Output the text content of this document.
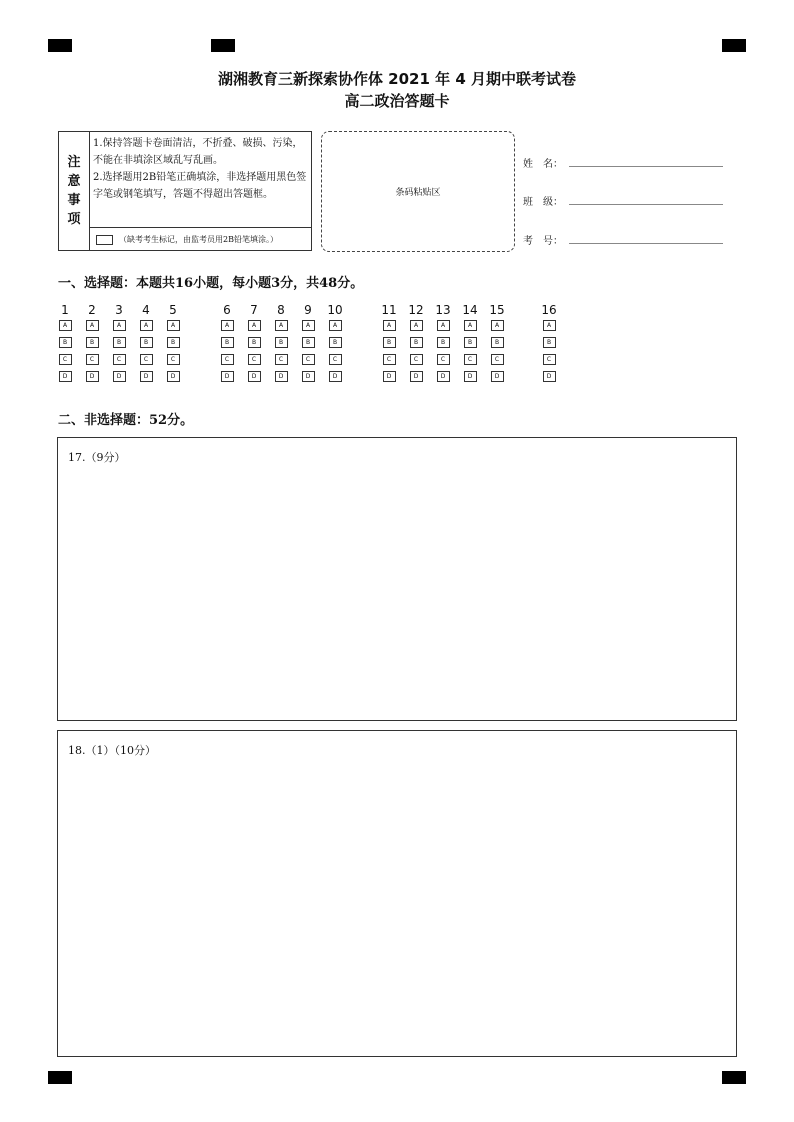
湖湘教育三新探索协作体 2021 年 4 月期中联考试卷
高二政治答题卡
注
意
事
项
1.保持答题卡卷面清洁，不折叠、破损、污染，不能在非填涂区域乱写乱画。
2.选择题用2B铅笔正确填涂，非选择题用黑色签字笔或钢笔填写，答题不得超出答题框。
（缺考考生标记，由监考员用2B铅笔填涂。）
条码粘贴区
姓　名：
班　级：
考　号：
一、选择题：本题共16小题，每小题3分，共48分。
1
A
B
C
D
2
A
B
C
D
3
A
B
C
D
4
A
B
C
D
5
A
B
C
D
6
A
B
C
D
7
A
B
C
D
8
A
B
C
D
9
A
B
C
D
10
A
B
C
D
11
A
B
C
D
12
A
B
C
D
13
A
B
C
D
14
A
B
C
D
15
A
B
C
D
16
A
B
C
D
二、非选择题：52分。
17.（9分）
18.（1）（10分）
